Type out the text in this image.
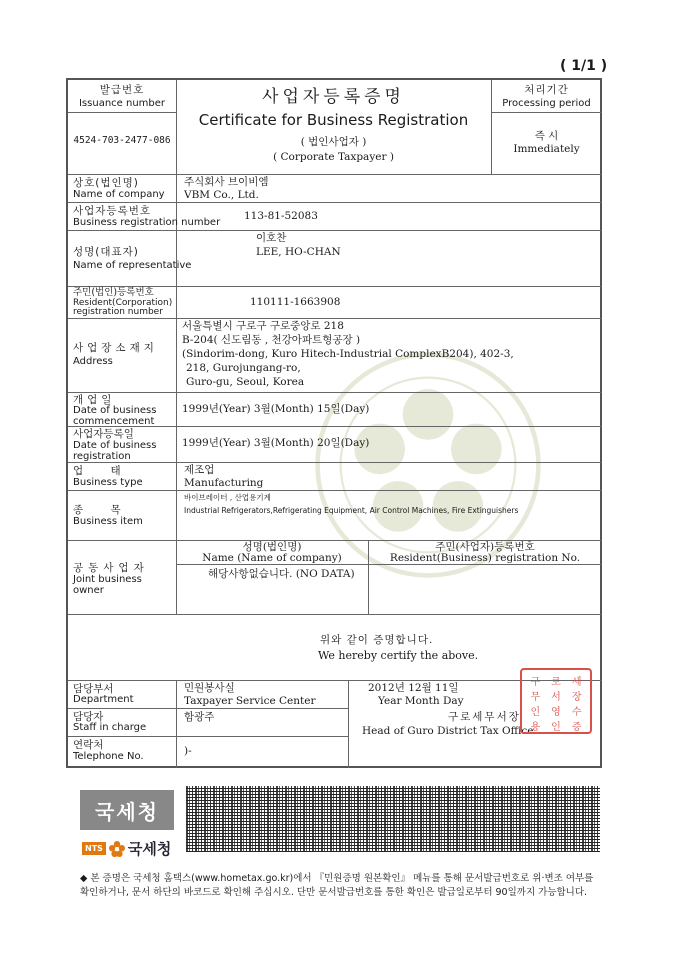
( 1/1 )
발급번호
Issuance number
4524-703-2477-086
사업자등록증명
Certificate for Business Registration
( 법인사업자 )
( Corporate Taxpayer )
처리기간
Processing period
즉 시
Immediately
상호(법인명)
Name of company
주식회사 브이비엠
VBM Co., Ltd.
사업자등록번호
Business registration number
113-81-52083
성명(대표자)
Name of representative
이호찬
LEE, HO-CHAN
주민(법인)등록번호
Resident(Corporation)
registration number
110111-1663908
사업장소재지
Address
서울특별시 구로구 구로중앙로 218
B-204( 신도림동 , 천강아파트형공장 )
(Sindorim-dong, Kuro Hitech-Industrial ComplexB204), 402-3,
218, Gurojungang-ro,
Guro-gu, Seoul, Korea
개업일
Date of business
commencement
1999년(Year) 3월(Month) 15일(Day)
사업자등록일
Date of business
registration
1999년(Year) 3월(Month) 20일(Day)
업 태
Business type
제조업
Manufacturing
종 목
Business item
바이브레이터 , 산업용기계
Industrial Refrigerators,Refrigerating Equipment, Air Control Machines, Fire Extinguishers
공동사업자
Joint business
owner
성명(법인명)
Name (Name of company)
주민(사업자)등록번호
Resident(Business) registration No.
해당사항없습니다. (NO DATA)
위와 같이 증명합니다.
We hereby certify the above.
담당부서
Department
민원봉사실
Taxpayer Service Center
담당자
Staff in charge
함광주
연락처
Telephone No.	)-
2012년 12월 11일
Year Month Day
구로세무서장
Head of Guro District Tax Office
구 로 세
무 서 장
인 영 수
용 인 증
국세청
NTS 국세청
◆ 본 증명은 국세청 홈택스(www.hometax.go.kr)에서 『민원증명 원본확인』 메뉴를 통해 문서발급번호로 위·변조 여부를
확인하거나, 문서 하단의 바코드로 확인해 주십시오. 단만 문서발급번호를 통한 확인은 발급일로부터 90일까지 가능합니다.
